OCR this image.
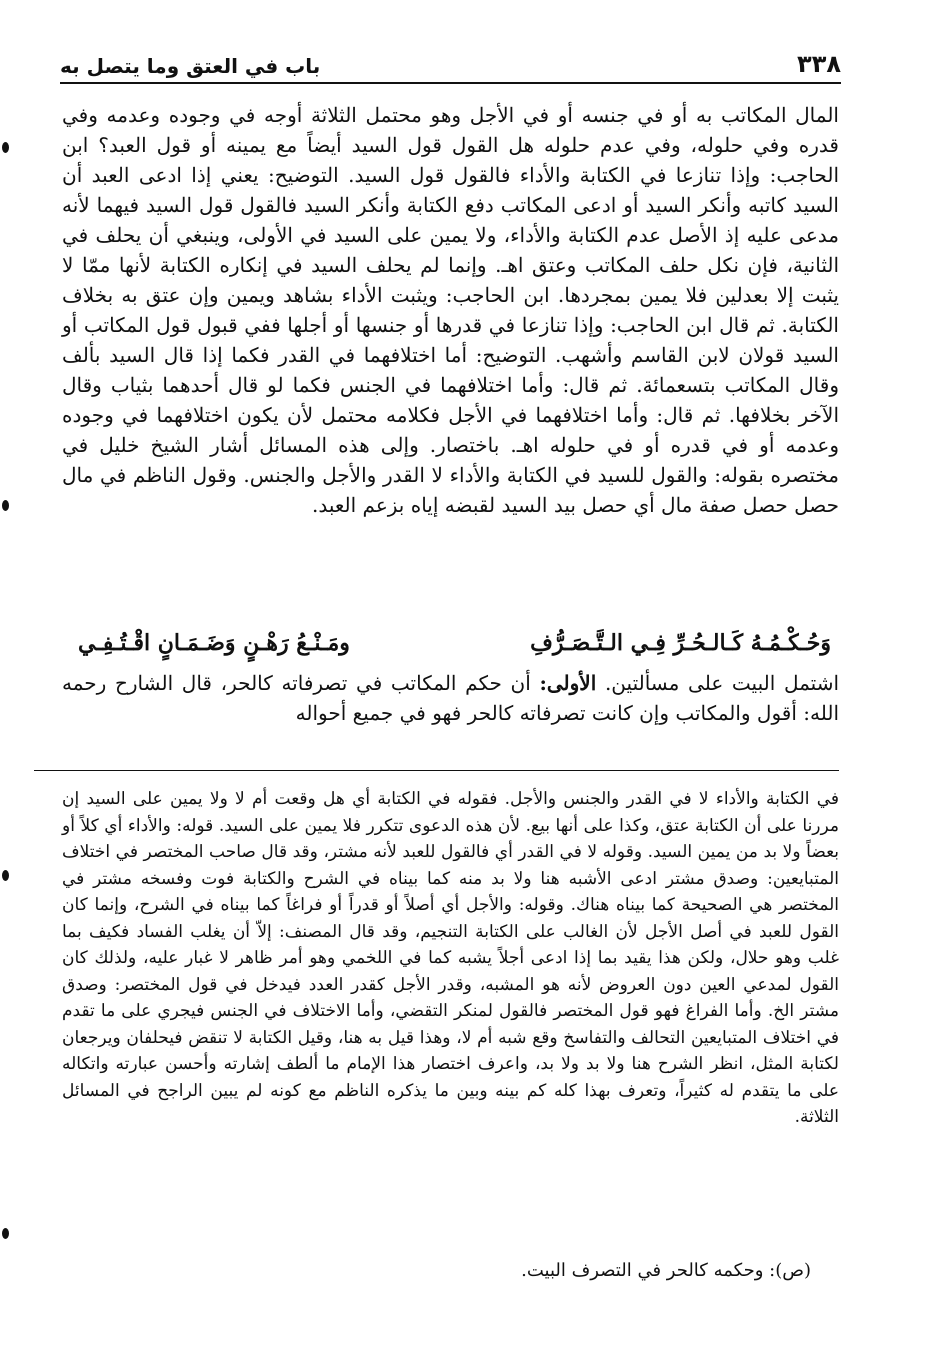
٣٣٨
باب في العتق وما يتصل به

المال المكاتب به أو في جنسه أو في الأجل وهو محتمل الثلاثة أوجه في وجوده وعدمه وفي قدره وفي حلوله، وفي عدم حلوله هل القول قول السيد أيضاً مع يمينه أو قول العبد؟ ابن الحاجب: وإذا تنازعا في الكتابة والأداء فالقول قول السيد. التوضيح: يعني إذا ادعى العبد أن السيد كاتبه وأنكر السيد أو ادعى المكاتب دفع الكتابة وأنكر السيد فالقول قول السيد فيهما لأنه مدعى عليه إذ الأصل عدم الكتابة والأداء، ولا يمين على السيد في الأولى، وينبغي أن يحلف في الثانية، فإن نكل حلف المكاتب وعتق اهـ. وإنما لم يحلف السيد في إنكاره الكتابة لأنها ممّا لا يثبت إلا بعدلين فلا يمين بمجردها. ابن الحاجب: ويثبت الأداء بشاهد ويمين وإن عتق به بخلاف الكتابة. ثم قال ابن الحاجب: وإذا تنازعا في قدرها أو جنسها أو أجلها ففي قبول قول المكاتب أو السيد قولان لابن القاسم وأشهب. التوضيح: أما اختلافهما في القدر فكما إذا قال السيد بألف وقال المكاتب بتسعمائة. ثم قال: وأما اختلافهما في الجنس فكما لو قال أحدهما بثياب وقال الآخر بخلافها. ثم قال: وأما اختلافهما في الأجل فكلامه محتمل لأن يكون اختلافهما في وجوده وعدمه أو في قدره أو في حلوله اهـ. باختصار. وإلى هذه المسائل أشار الشيخ خليل في مختصره بقوله: والقول للسيد في الكتابة والأداء لا القدر والأجل والجنس. وقول الناظم في مال حصل حصل صفة مال أي حصل بيد السيد لقبضه إياه بزعم العبد.

وَحُـكْـمُـهُ كَـالـحُـرِّ فِـي الـتَّـصَـرُّفِ
ومَـنْـعُ رَهْـنٍ وَضَـمَـانٍ اقْـتُـفِـي

اشتمل البيت على مسألتين. الأولى: أن حكم المكاتب في تصرفاته كالحر، قال الشارح رحمه الله: أقول والمكاتب وإن كانت تصرفاته كالحر فهو في جميع أحواله

في الكتابة والأداء لا في القدر والجنس والأجل. فقوله في الكتابة أي هل وقعت أم لا ولا يمين على السيد إن مررنا على أن الكتابة عتق، وكذا على أنها بيع. لأن هذه الدعوى تتكرر فلا يمين على السيد. قوله: والأداء أي كلاً أو بعضاً ولا بد من يمين السيد. وقوله لا في القدر أي فالقول للعبد لأنه مشتر، وقد قال صاحب المختصر في اختلاف المتبايعين: وصدق مشتر ادعى الأشبه هنا ولا بد منه كما بيناه في الشرح والكتابة فوت وفسخه مشتر في المختصر هي الصحيحة كما بيناه هناك. وقوله: والأجل أي أصلاً أو قدراً أو فراغاً كما بيناه في الشرح، وإنما كان القول للعبد في أصل الأجل لأن الغالب على الكتابة التنجيم، وقد قال المصنف: إلاّ أن يغلب الفساد فكيف بما غلب وهو حلال، ولكن هذا يقيد بما إذا ادعى أجلاً يشبه كما في اللخمي وهو أمر ظاهر لا غبار عليه، ولذلك كان القول لمدعي العين دون العروض لأنه هو المشبه، وقدر الأجل كقدر العدد فيدخل في قول المختصر: وصدق مشتر الخ. وأما الفراغ فهو قول المختصر فالقول لمنكر التقضي، وأما الاختلاف في الجنس فيجري على ما تقدم في اختلاف المتبايعين التحالف والتفاسخ وقع شبه أم لا، وهذا قيل به هنا، وقيل الكتابة لا تنقض فيحلفان ويرجعان لكتابة المثل، انظر الشرح هنا ولا بد ولا بد، واعرف اختصار هذا الإمام ما ألطف إشارته وأحسن عبارته واتكاله على ما يتقدم له كثيراً، وتعرف بهذا كله كم بينه وبين ما يذكره الناظم مع كونه لم يبين الراجح في المسائل الثلاثة.

(ص): وحكمه كالحر في التصرف البيت.
